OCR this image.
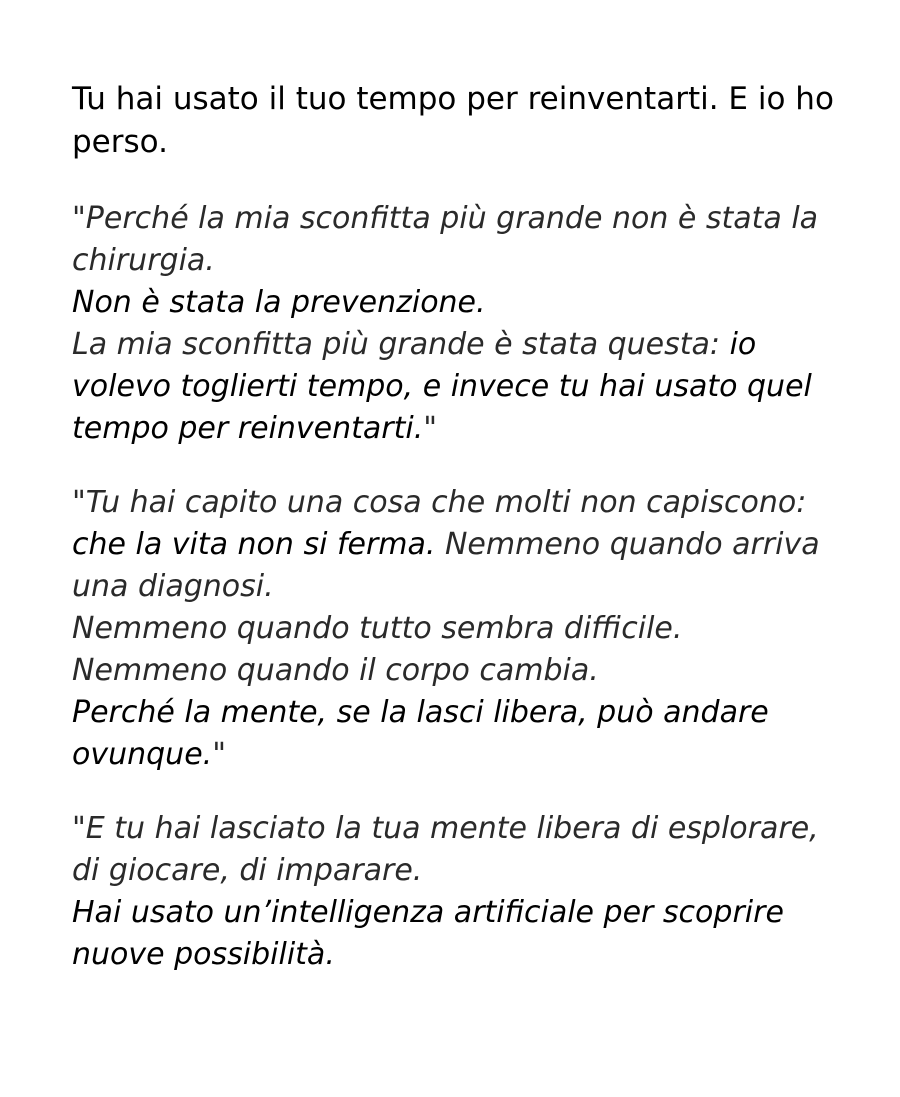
Tu hai usato il tuo tempo per reinventarti. E io ho
perso.
"Perché la mia sconfitta più grande non è stata la
chirurgia.
Non è stata la prevenzione.
La mia sconfitta più grande è stata questa: io
volevo toglierti tempo, e invece tu hai usato quel
tempo per reinventarti."
"Tu hai capito una cosa che molti non capiscono:
che la vita non si ferma. Nemmeno quando arriva
una diagnosi.
Nemmeno quando tutto sembra difficile.
Nemmeno quando il corpo cambia.
Perché la mente, se la lasci libera, può andare
ovunque."
"E tu hai lasciato la tua mente libera di esplorare,
di giocare, di imparare.
Hai usato un’intelligenza artificiale per scoprire
nuove possibilità.
